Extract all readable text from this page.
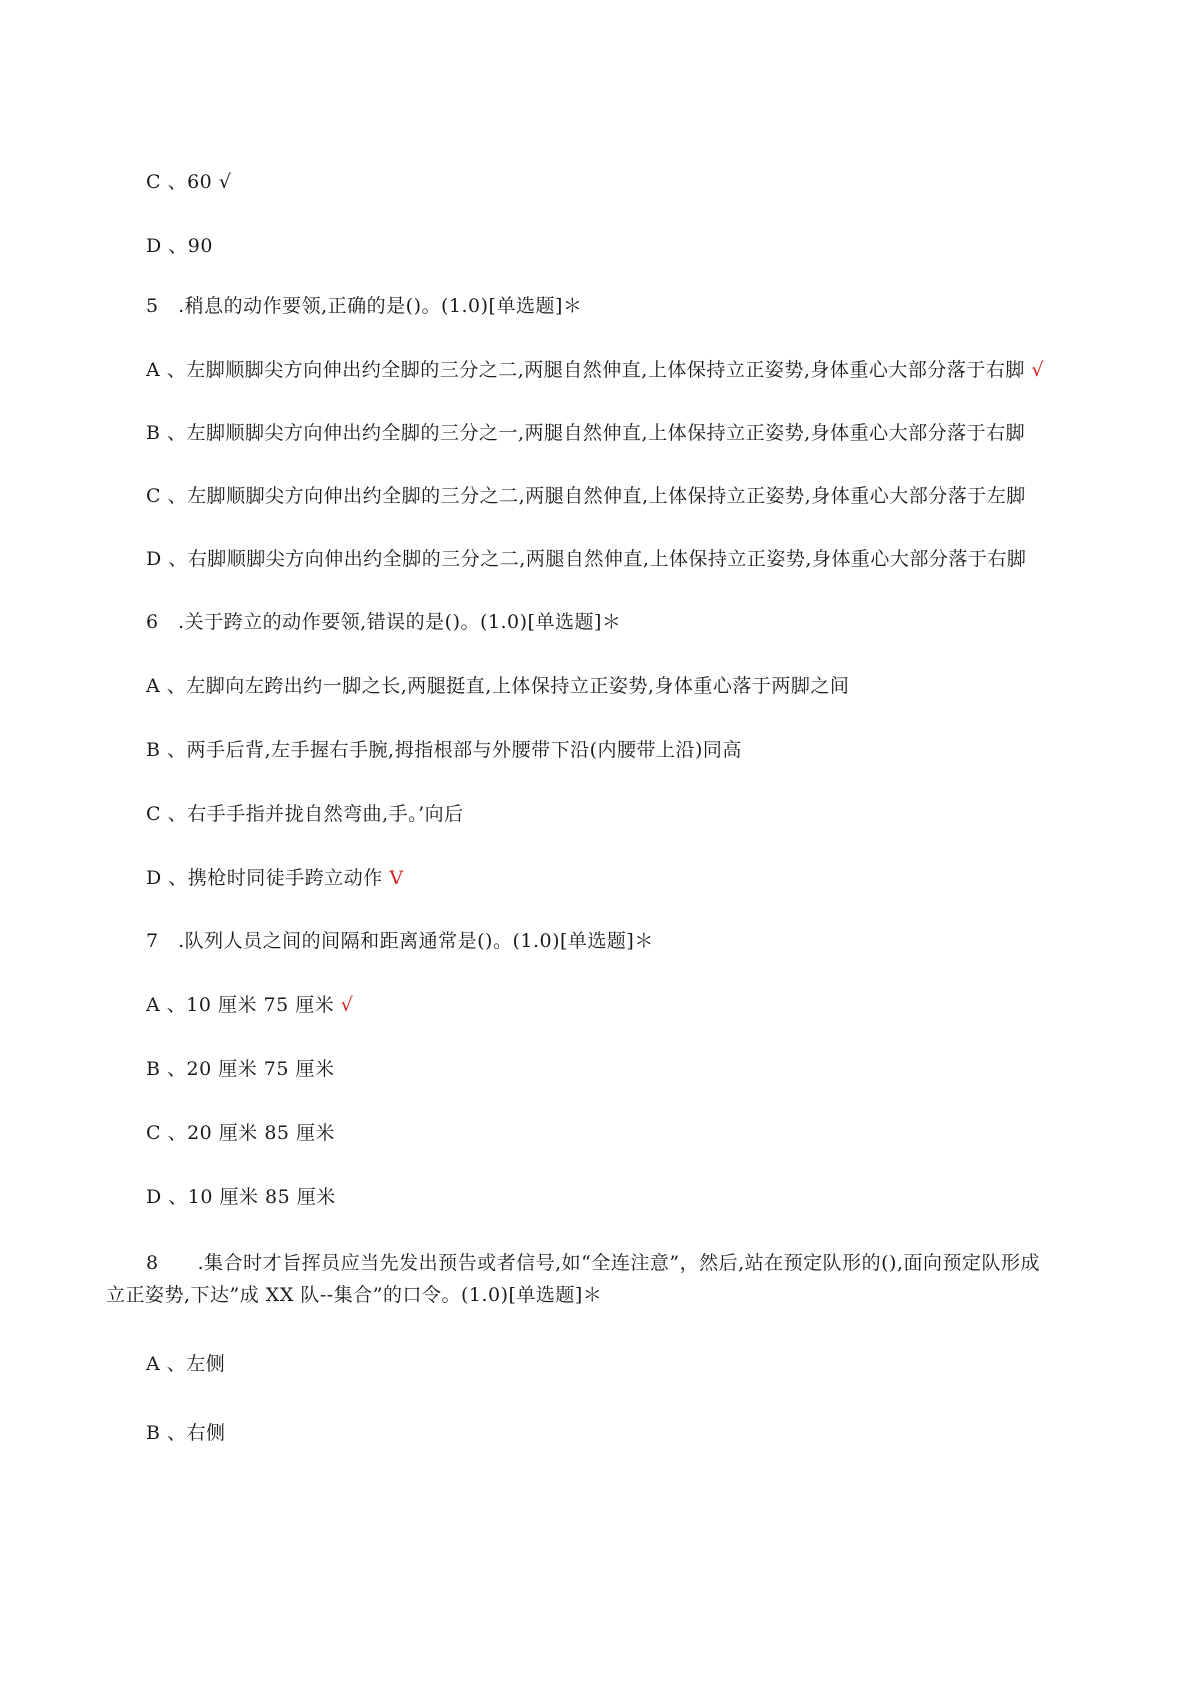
C 、60 √
D 、90
5　.稍息的动作要领,正确的是()。(1.0)[单选题]＊
A 、左脚顺脚尖方向伸出约全脚的三分之二,两腿自然伸直,上体保持立正姿势,身体重心大部分落于右脚 √
B 、左脚顺脚尖方向伸出约全脚的三分之一,两腿自然伸直,上体保持立正姿势,身体重心大部分落于右脚
C 、左脚顺脚尖方向伸出约全脚的三分之二,两腿自然伸直,上体保持立正姿势,身体重心大部分落于左脚
D 、右脚顺脚尖方向伸出约全脚的三分之二,两腿自然伸直,上体保持立正姿势,身体重心大部分落于右脚
6　.关于跨立的动作要领,错误的是()。(1.0)[单选题]＊
A 、左脚向左跨出约一脚之长,两腿挺直,上体保持立正姿势,身体重心落于两脚之间
B 、两手后背,左手握右手腕,拇指根部与外腰带下沿(内腰带上沿)同高
C 、右手手指并拢自然弯曲,手。’向后
D 、携枪时同徒手跨立动作 V
7　.队列人员之间的间隔和距离通常是()。(1.0)[单选题]＊
A 、10 厘米 75 厘米 √
B 、20 厘米 75 厘米
C 、20 厘米 85 厘米
D 、10 厘米 85 厘米
8　　.集合时才旨挥员应当先发出预告或者信号,如“全连注意”，然后,站在预定队形的(),面向预定队形成
立正姿势,下达”成 XX 队--集合”的口令。(1.0)[单选题]＊
A 、左侧
B 、右侧
